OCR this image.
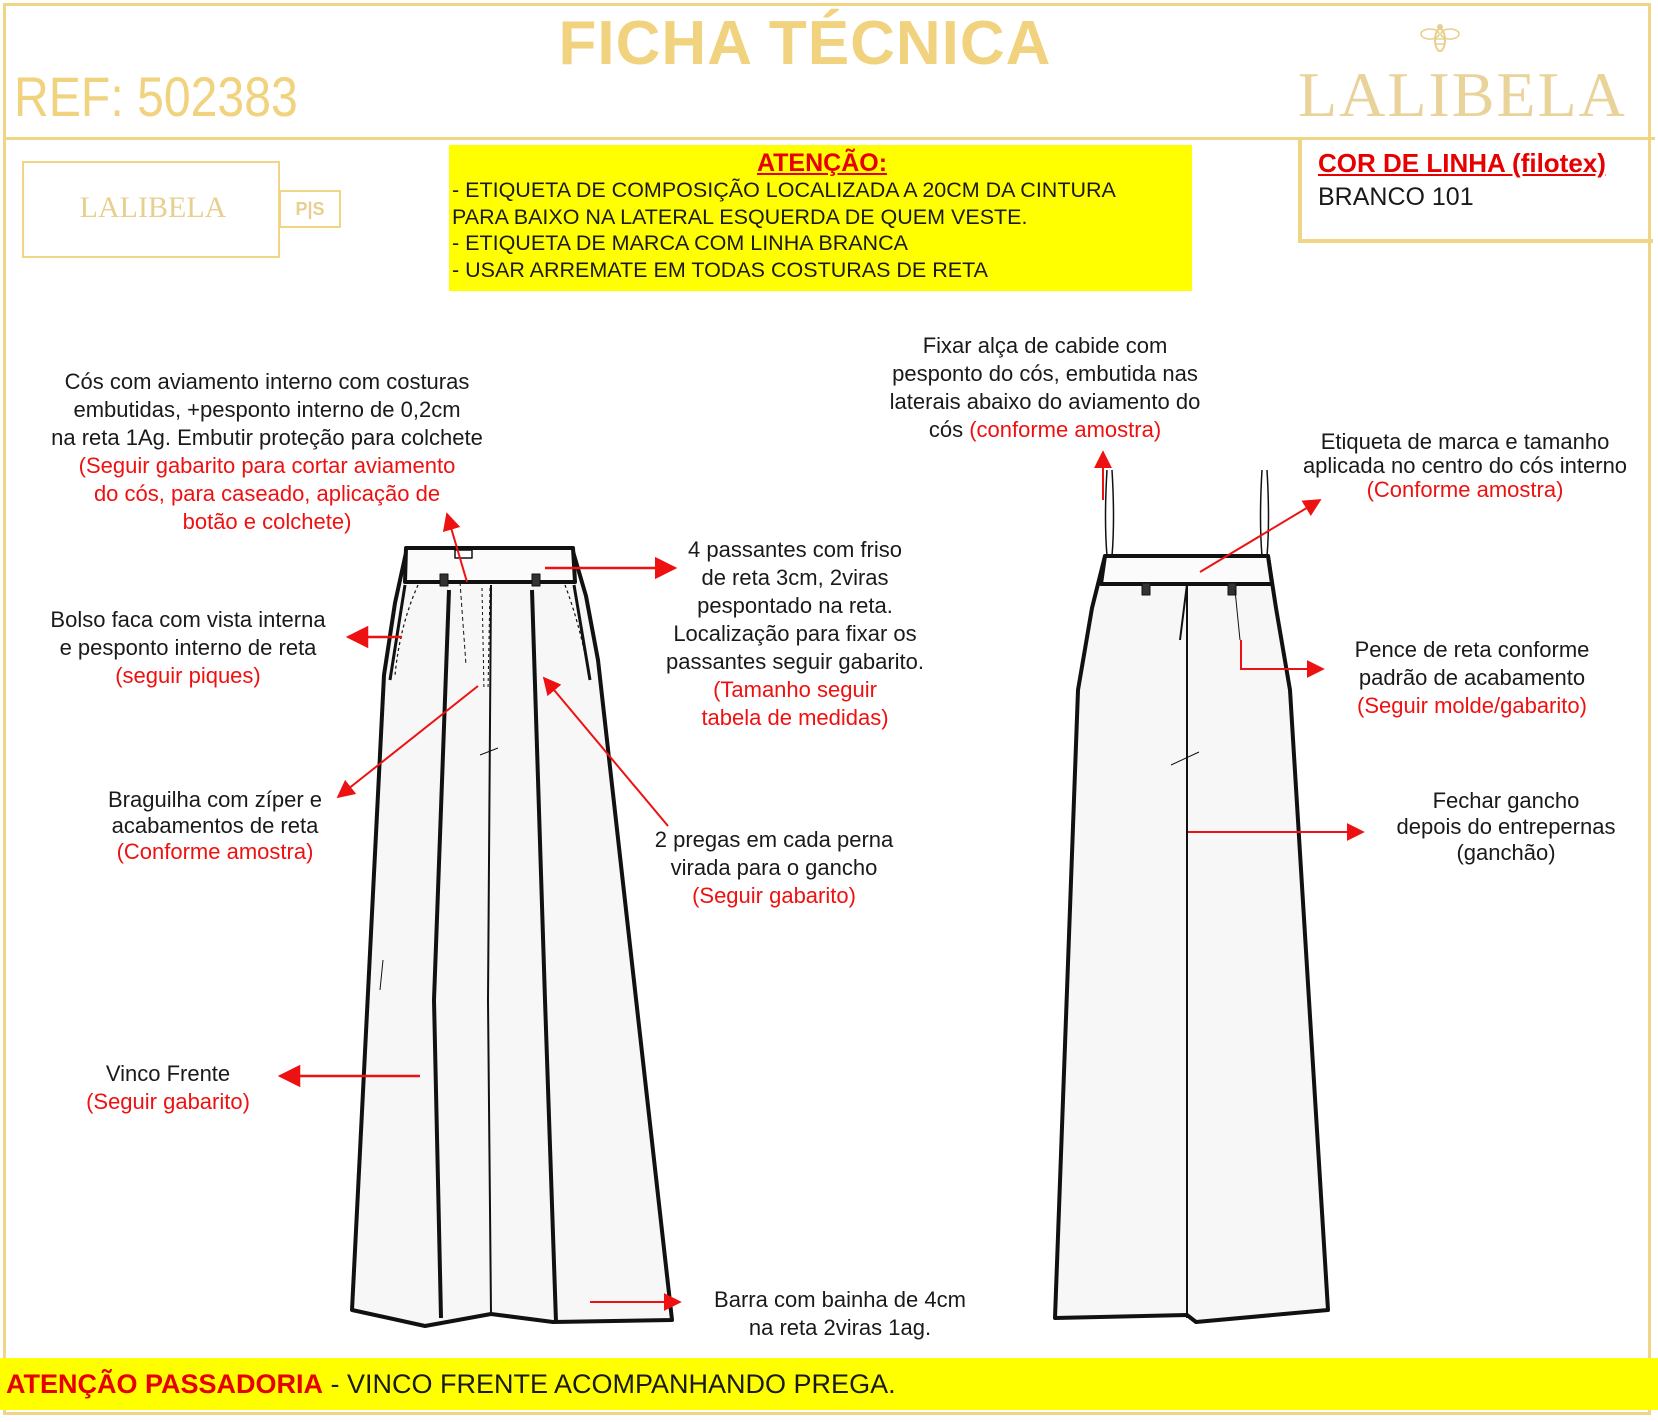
FICHA TÉCNICA
REF: 502383	LALIBELA
LALIBELA	P|S
ATENÇÃO:
- ETIQUETA DE COMPOSIÇÃO LOCALIZADA A 20CM DA CINTURA
PARA BAIXO NA LATERAL ESQUERDA DE QUEM VESTE.
- ETIQUETA DE MARCA COM LINHA BRANCA
- USAR ARREMATE EM TODAS COSTURAS DE RETA
COR DE LINHA (filotex)
BRANCO 101
Cós com aviamento interno com costuras
embutidas, +pesponto interno de 0,2cm
na reta 1Ag. Embutir proteção para colchete
(Seguir gabarito para cortar aviamento
do cós, para caseado, aplicação de
botão e colchete)
Bolso faca com vista interna
e pesponto interno de reta
(seguir piques)
Braguilha com zíper e
acabamentos de reta
(Conforme amostra)
Vinco Frente
(Seguir gabarito)
4 passantes com friso
de reta 3cm, 2viras
pespontado na reta.
Localização para fixar os
passantes seguir gabarito.
(Tamanho seguir
tabela de medidas)
2 pregas em cada perna
virada para o gancho
(Seguir gabarito)
Barra com bainha de 4cm
na reta 2viras 1ag.
Fixar alça de cabide com
pesponto do cós, embutida nas
laterais abaixo do aviamento do
cós (conforme amostra)	Etiqueta de marca e tamanho
aplicada no centro do cós interno
(Conforme amostra)
Pence de reta conforme
padrão de acabamento
(Seguir molde/gabarito)
Fechar gancho
depois do entrepernas
(ganchão)
ATENÇÃO PASSADORIA - VINCO FRENTE ACOMPANHANDO PREGA.
